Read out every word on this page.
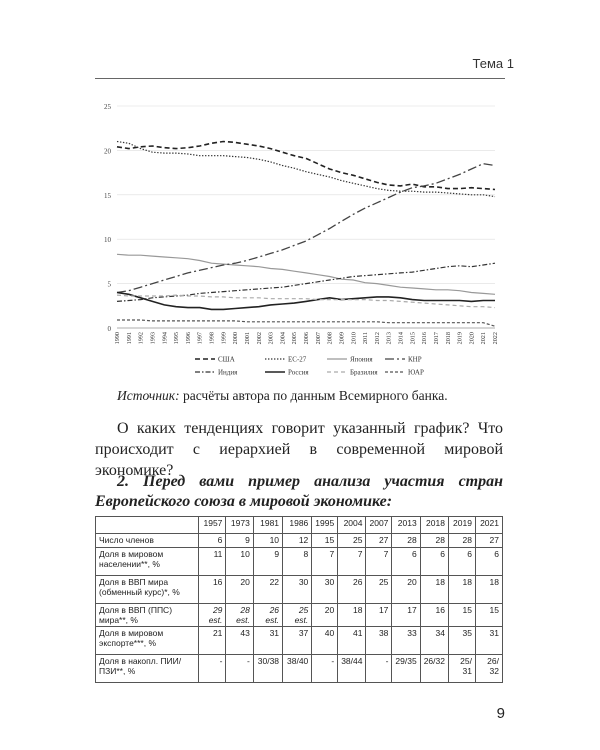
Тема 1
0
5
10
15
20
25
1990 1991 1992 1993 1994 1995 1996 1997 1998 1999 2000 2001 2002 2003 2004 2005 2006 2007 2008 2009 2010 2011 2012 2013 2014 2015 2016 2017 2018 2019 2020 2021 2022
США	ЕС-27	Япония	КНР
Индия	Россия	Бразилия	ЮАР
Источник: расчёты автора по данным Всемирного банка.
О каких тенденциях говорит указанный график? Что происходит с иерархией в современной мировой экономике?
2. Перед вами пример анализа участия стран Европейского союза в мировой экономике:
	1957	1973	1981	1986	1995	2004	2007	2013	2018	2019	2021
Число членов	6	9	10	12	15	25	27	28	28	28	27
Доля в мировом населении**, %	11	10	9	8	7	7	7	6	6	6	6
Доля в ВВП мира (обменный курс)*, %	16	20	22	30	30	26	25	20	18	18	18
Доля в ВВП (ППС) мира**, %	29 est.	28 est.	26 est.	25 est.	20	18	17	17	16	15	15
Доля в мировом экспорте***, %	21	43	31	37	40	41	38	33	34	35	31
Доля в накопл. ПИИ/ ПЗИ**, %	-	-	30/38	38/40	-	38/44	-	29/35	26/32	25/ 31	26/ 32
9
